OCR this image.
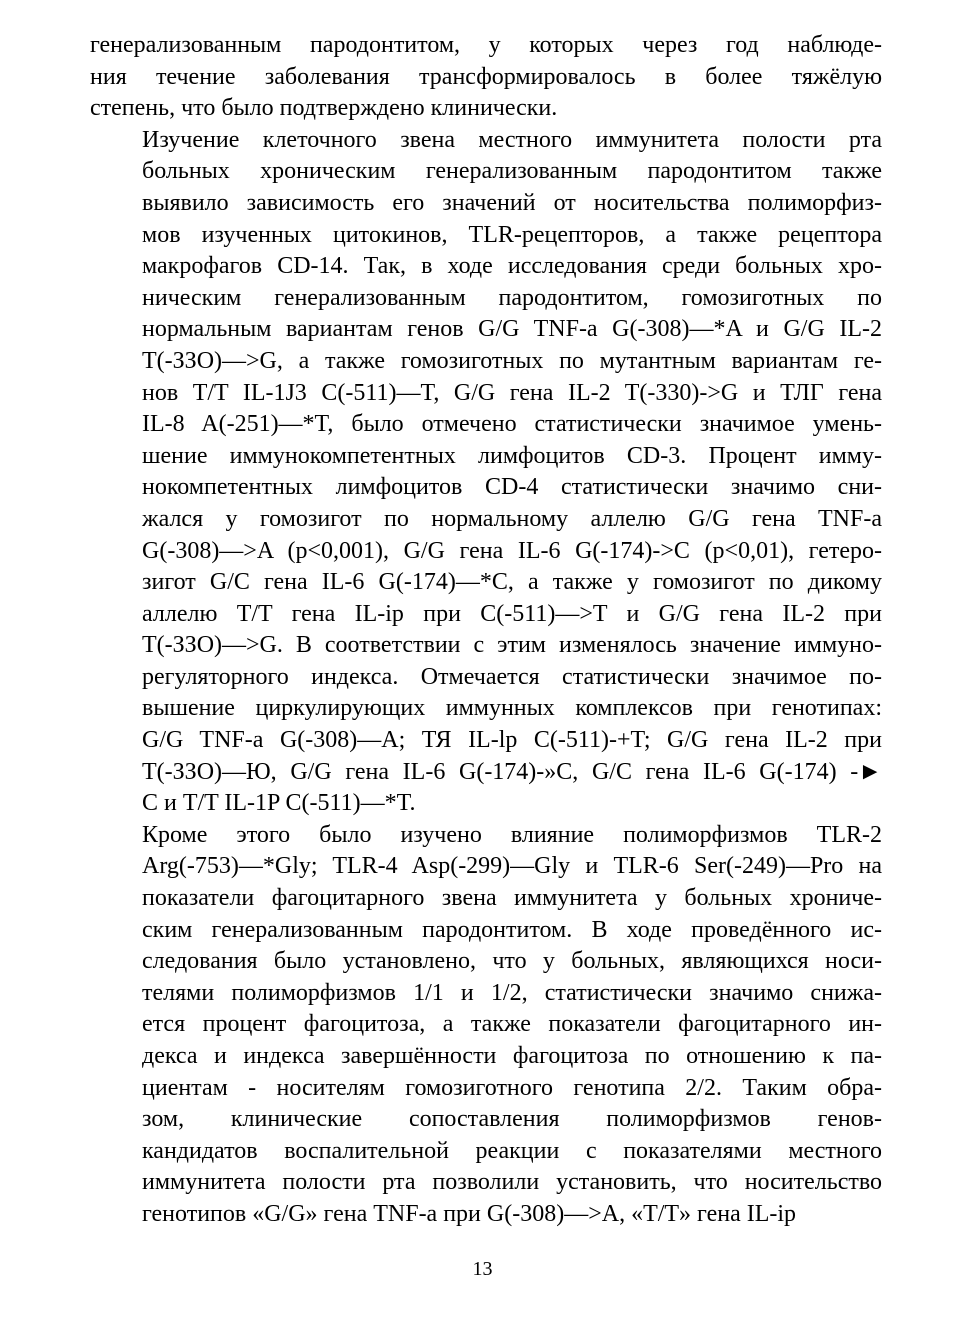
генерализованным пародонтитом, у которых через год наблюде-
ния течение заболевания трансформировалось в более тяжёлую
степень, что было подтверждено клинически.

Изучение клеточного звена местного иммунитета полости рта
больных хроническим генерализованным пародонтитом также
выявило зависимость его значений от носительства полиморфиз-
мов изученных цитокинов, TLR-рецепторов, а также рецептора
макрофагов CD-14. Так, в ходе исследования среди больных хро-
ническим генерализованным пародонтитом, гомозиготных по
нормальным вариантам генов G/G TNF-a G(-308)—*A и G/G IL-2
T(-ЗЗО)—>G, а также гомозиготных по мутантным вариантам ге-
нов T/T IL-1J3 C(-511)—T, G/G гена IL-2 T(-330)->G и ТЛГ гена
IL-8 A(-251)—*T, было отмечено статистически значимое умень-
шение иммунокомпетентных лимфоцитов CD-3. Процент имму-
нокомпетентных лимфоцитов CD-4 статистически значимо сни-
жался у гомозигот по нормальному аллелю G/G гена TNF-a
G(-308)—>A (p<0,001), G/G гена IL-6 G(-174)->C (p<0,01), гетеро-
зигот G/C гена IL-6 G(-174)—*C, а также у гомозигот по дикому
аллелю T/T гена IL-ip при C(-511)—>T и G/G гена IL-2 при
T(-ЗЗО)—>G. В соответствии с этим изменялось значение иммуно-
регуляторного индекса. Отмечается статистически значимое по-
вышение циркулирующих иммунных комплексов при генотипах:
G/G TNF-a G(-308)—A; ТЯ IL-lp C(-511)-+T; G/G гена IL-2 при
T(-ЗЗО)—Ю, G/G гена IL-6 G(-174)-»C, G/C гена IL-6 G(-174) -►
C и T/T IL-1P C(-511)—*T.

Кроме этого было изучено влияние полиморфизмов TLR-2
Arg(-753)—*Gly; TLR-4 Asp(-299)—Gly и TLR-6 Ser(-249)—Pro на
показатели фагоцитарного звена иммунитета у больных хрониче-
ским генерализованным пародонтитом. В ходе проведённого ис-
следования было установлено, что у больных, являющихся носи-
телями полиморфизмов 1/1 и 1/2, статистически значимо снижа-
ется процент фагоцитоза, а также показатели фагоцитарного ин-
декса и индекса завершённости фагоцитоза по отношению к па-
циентам - носителям гомозиготного генотипа 2/2. Таким обра-
зом, клинические сопоставления полиморфизмов генов-
кандидатов воспалительной реакции с показателями местного
иммунитета полости рта позволили установить, что носительство
генотипов «G/G» гена TNF-a при G(-308)—>A, «T/T» гена IL-ip

13
